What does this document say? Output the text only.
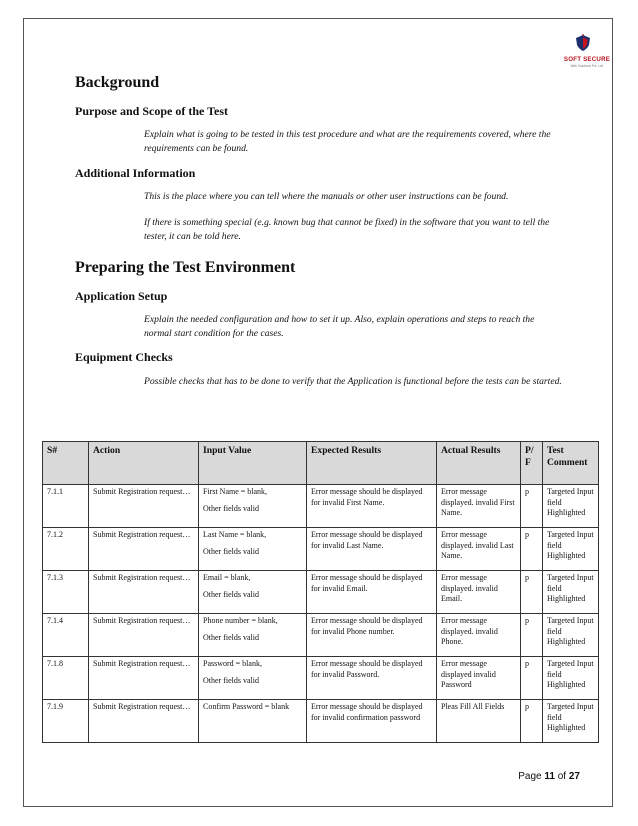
SOFT SECURE
Web Solutions Pvt. Ltd.
Background
Purpose and Scope of the Test

Explain what is going to be tested in this test procedure and what are the requirements covered, where the requirements can be found.

Additional Information

This is the place where you can tell where the manuals or other user instructions can be found.

If there is something special (e.g. known bug that cannot be fixed) in the software that you want to tell the tester, it can be told here.

Preparing the Test Environment
Application Setup

Explain the needed configuration and how to set it up. Also, explain operations and steps to reach the normal start condition for the cases.

Equipment Checks

Possible checks that has to be done to verify that the Application is functional before the tests can be started.

S#	Action	Input Value	Expected Results	Actual Results	P/ F	Test Comment
7.1.1	Submit Registration request…	First Name = blank,
Other fields valid	Error message should be displayed for invalid First Name.	Error message displayed. invalid First Name.	p	Targeted Input field Highlighted
7.1.2	Submit Registration request…	Last Name = blank,
Other fields valid	Error message should be displayed for invalid Last Name.	Error message displayed. invalid Last Name.	p	Targeted Input field Highlighted
7.1.3	Submit Registration request…	Email = blank,
Other fields valid	Error message should be displayed for invalid Email.	Error message displayed. invalid Email.	p	Targeted Input field Highlighted
7.1.4	Submit Registration request…	Phone number = blank,
Other fields valid	Error message should be displayed for invalid Phone number.	Error message displayed. invalid Phone.	p	Targeted Input field Highlighted
7.1.8	Submit Registration request…	Password = blank,
Other fields valid	Error message should be displayed for invalid Password.	Error message displayed invalid Password	p	Targeted Input field Highlighted
7.1.9	Submit Registration request…	Confirm Password = blank	Error message should be displayed for invalid confirmation password	Pleas Fill All Fields	p	Targeted Input field Highlighted
Page 11 of 27
